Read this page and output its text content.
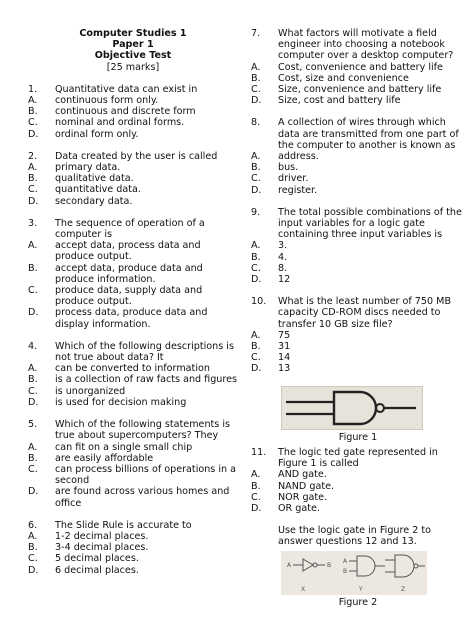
Computer Studies 1
Paper 1
Objective Test
[25 marks]
1.	Quantitative data can exist in
A.	continuous form only.
B.	continuous and discrete form
C.	nominal and ordinal forms.
D.	ordinal form only.
2.	Data created by the user is called
A.	primary data.
B.	qualitative data.
C.	quantitative data.
D.	secondary data.
3.	The sequence of operation of a computer is
A.	accept data, process data and produce output.
B.	accept data, produce data and produce information.
C.	produce data, supply data and produce output.
D.	process data, produce data and display information.
4.	Which of the following descriptions is not true about data? It
A.	can be converted to information
B.	is a collection of raw facts and figures
C.	is unorganized
D.	is used for decision making
5.	Which of the following statements is true about supercomputers? They
A.	can fit on a single small chip
B.	are easily affordable
C.	can process billions of operations in a second
D.	are found across various homes and office
6.	The Slide Rule is accurate to
A.	1-2 decimal places.
B.	3-4 decimal places.
C.	5 decimal places.
D.	6 decimal places.
7.	What factors will motivate a field engineer into choosing a notebook computer over a desktop computer?
A.	Cost, convenience and battery life
B.	Cost, size and convenience
C.	Size, convenience and battery life
D.	Size, cost and battery life
8.	A collection of wires through which data are transmitted from one part of the computer to another is known as
A.	address.
B.	bus.
C.	driver.
D.	register.
9.	The total possible combinations of the input variables for a logic gate containing three input variables is
A.	3.
B.	4.
C.	8.
D.	12
10.	What is the least number of 750 MB capacity CD-ROM discs needed to transfer 10 GB size file?
A.	75
B.	31
C.	14
D.	13
Figure 1
11.	The logic ted gate represented in Figure 1 is called
A.	AND gate.
B.	NAND gate.
C.	NOR gate.
D.	OR gate.
Use the logic gate in Figure 2 to answer questions 12 and 13.
A	B
A
B
X	Y	Z
Figure 2
